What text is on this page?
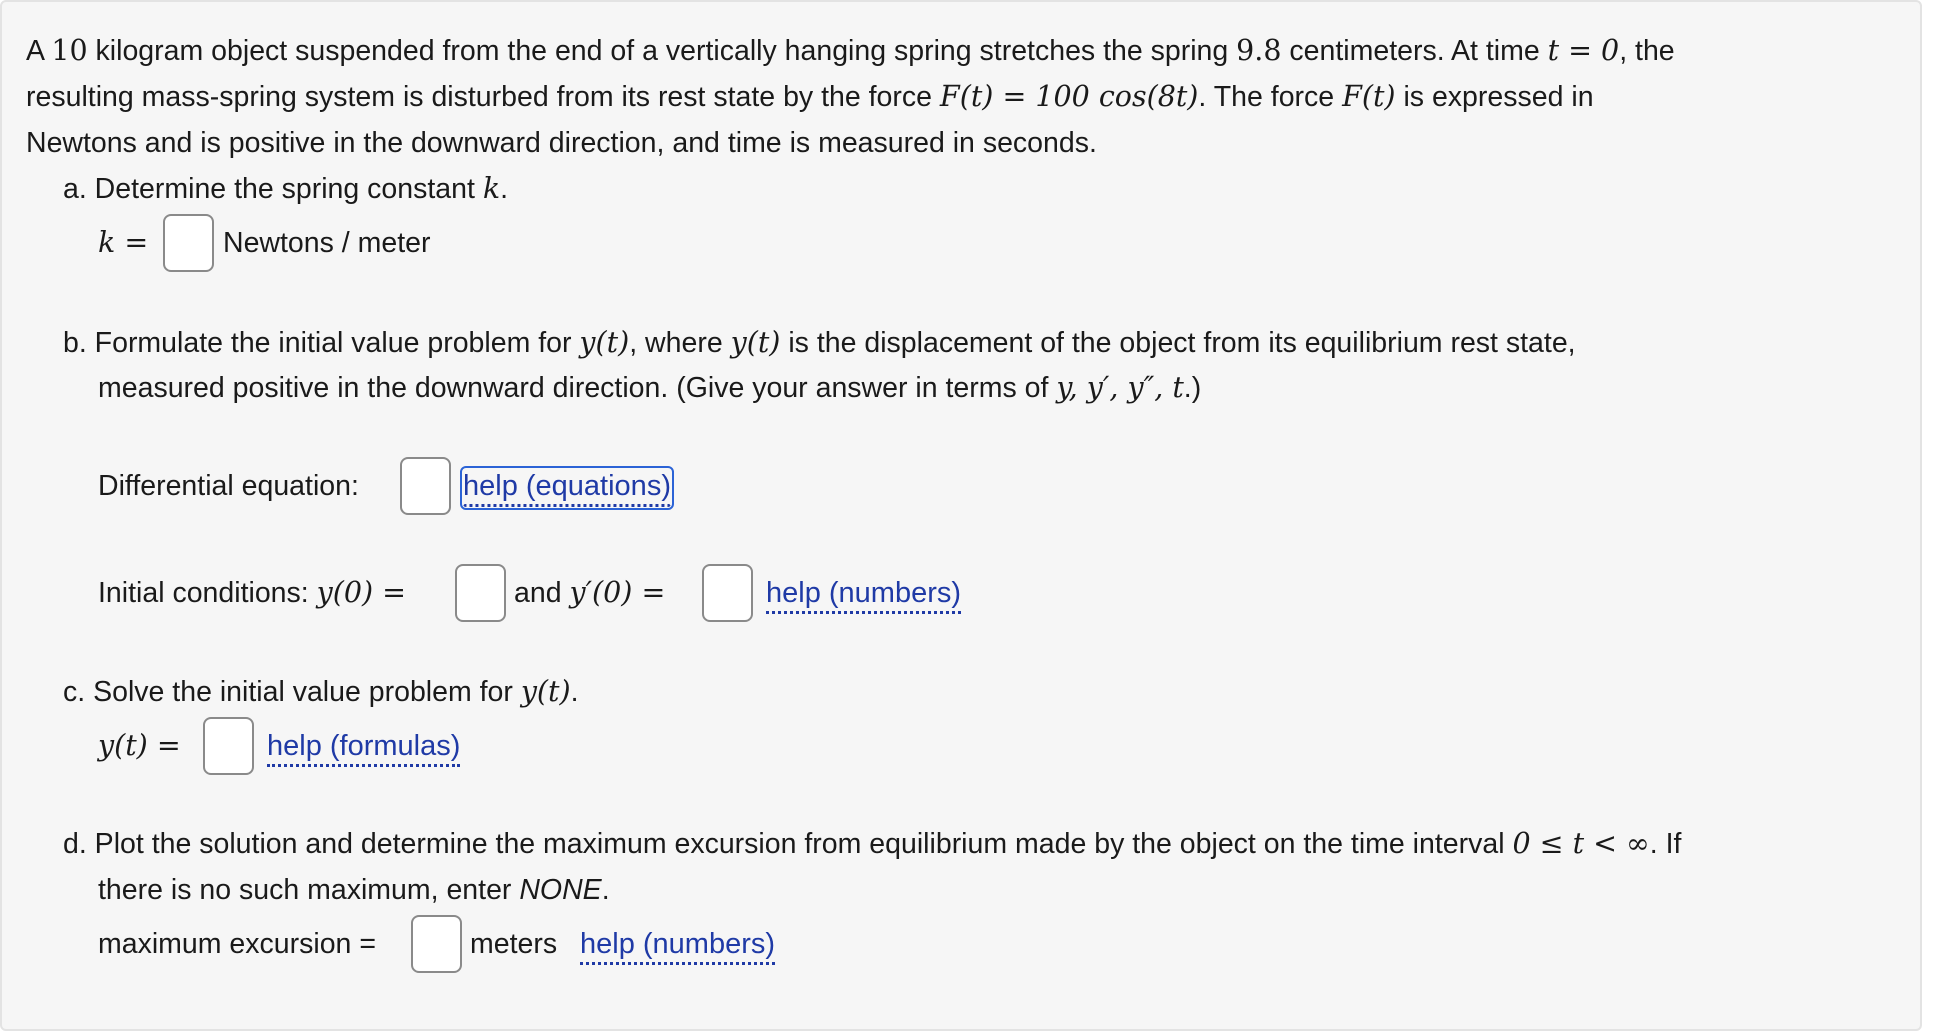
A 10 kilogram object suspended from the end of a vertically hanging spring stretches the spring 9.8 centimeters. At time t = 0, the
resulting mass-spring system is disturbed from its rest state by the force F(t) = 100 cos(8t). The force F(t) is expressed in
Newtons and is positive in the downward direction, and time is measured in seconds.
a. Determine the spring constant k.
k =	Newtons / meter
b. Formulate the initial value problem for y(t), where y(t) is the displacement of the object from its equilibrium rest state,
measured positive in the downward direction. (Give your answer in terms of y, y′, y″, t.)
Differential equation:	help (equations)
Initial conditions: y(0) =	and y′(0) =	help (numbers)
c. Solve the initial value problem for y(t).
y(t) =	help (formulas)
d. Plot the solution and determine the maximum excursion from equilibrium made by the object on the time interval 0 ≤ t < ∞. If
there is no such maximum, enter NONE.
maximum excursion =	meters help (numbers)
